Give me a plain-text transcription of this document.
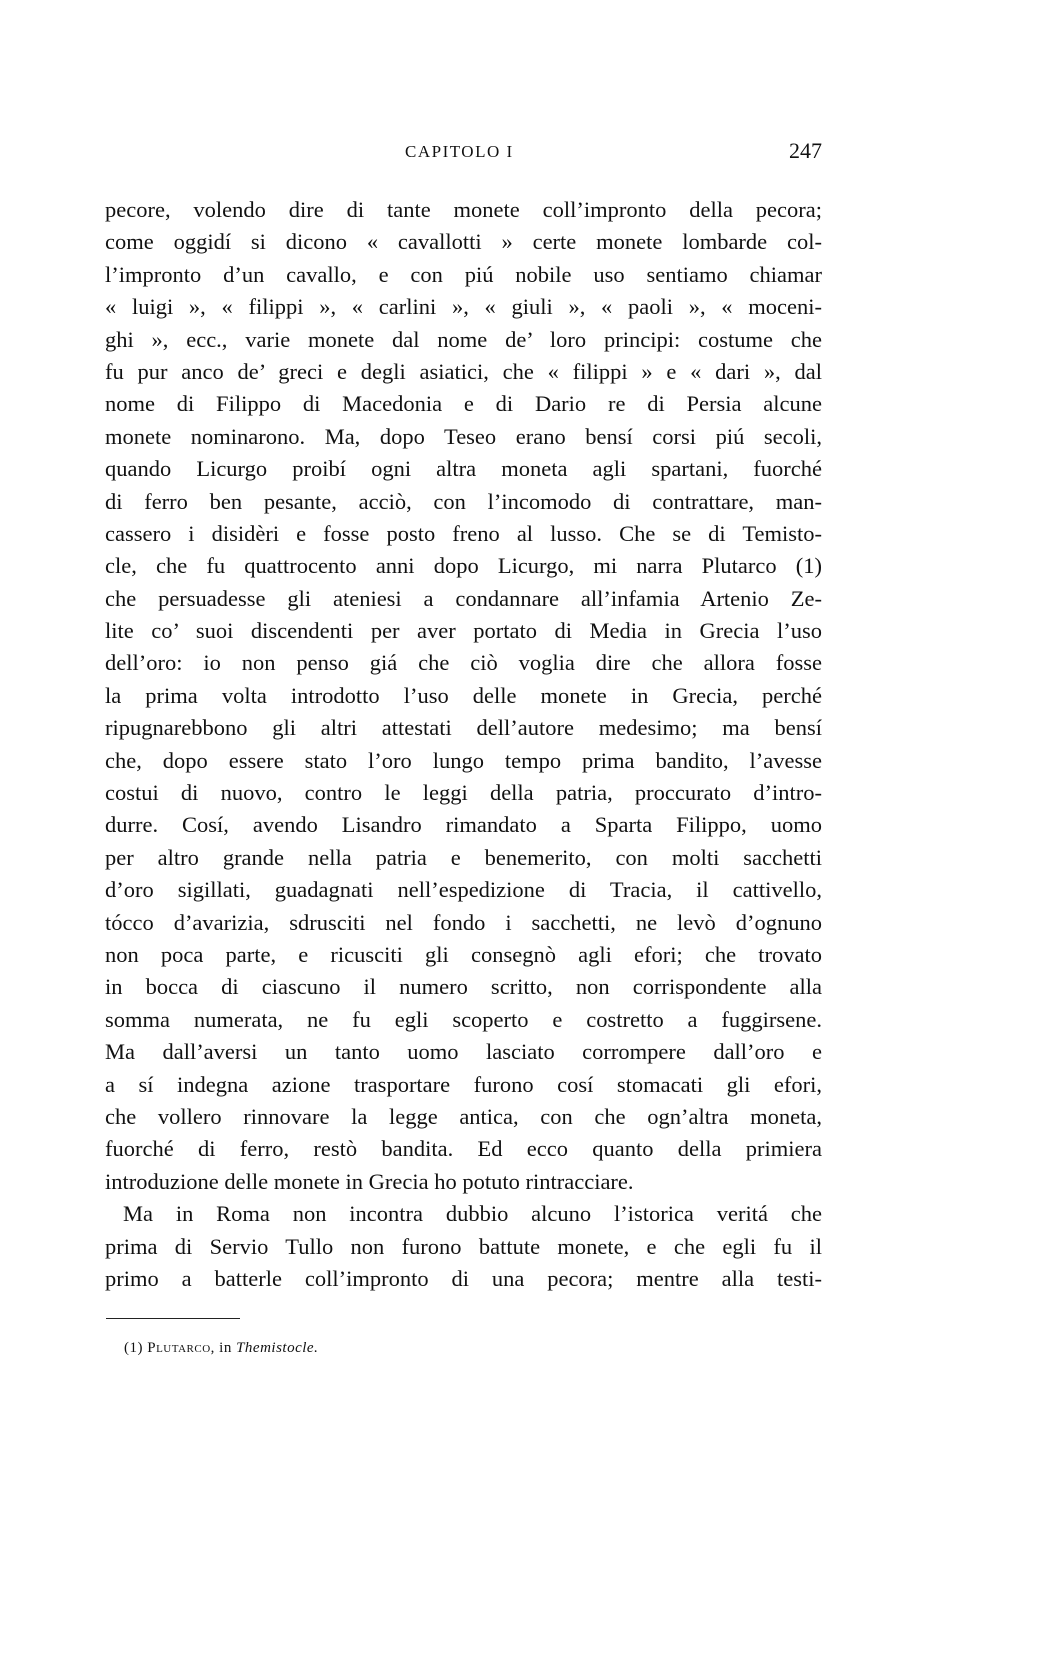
CAPITOLO I	247
pecore, volendo dire di tante monete coll’impronto della pecora;
come oggidí si dicono « cavallotti » certe monete lombarde col-
l’impronto d’un cavallo, e con piú nobile uso sentiamo chiamar
« luigi », « filippi », « carlini », « giuli », « paoli », « moceni-
ghi », ecc., varie monete dal nome de’ loro principi: costume che
fu pur anco de’ greci e degli asiatici, che « filippi » e « dari », dal
nome di Filippo di Macedonia e di Dario re di Persia alcune
monete nominarono. Ma, dopo Teseo erano bensí corsi piú secoli,
quando Licurgo proibí ogni altra moneta agli spartani, fuorché
di ferro ben pesante, acciò, con l’incomodo di contrattare, man-
cassero i disidèri e fosse posto freno al lusso. Che se di Temisto-
cle, che fu quattrocento anni dopo Licurgo, mi narra Plutarco (1)
che persuadesse gli ateniesi a condannare all’infamia Artenio Ze-
lite co’ suoi discendenti per aver portato di Media in Grecia l’uso
dell’oro: io non penso giá che ciò voglia dire che allora fosse
la prima volta introdotto l’uso delle monete in Grecia, perché
ripugnarebbono gli altri attestati dell’autore medesimo; ma bensí
che, dopo essere stato l’oro lungo tempo prima bandito, l’avesse
costui di nuovo, contro le leggi della patria, proccurato d’intro-
durre. Cosí, avendo Lisandro rimandato a Sparta Filippo, uomo
per altro grande nella patria e benemerito, con molti sacchetti
d’oro sigillati, guadagnati nell’espedizione di Tracia, il cattivello,
tócco d’avarizia, sdrusciti nel fondo i sacchetti, ne levò d’ognuno
non poca parte, e ricusciti gli consegnò agli efori; che trovato
in bocca di ciascuno il numero scritto, non corrispondente alla
somma numerata, ne fu egli scoperto e costretto a fuggirsene.
Ma dall’aversi un tanto uomo lasciato corrompere dall’oro e
a sí indegna azione trasportare furono cosí stomacati gli efori,
che vollero rinnovare la legge antica, con che ogn’altra moneta,
fuorché di ferro, restò bandita. Ed ecco quanto della primiera
introduzione delle monete in Grecia ho potuto rintracciare.
Ma in Roma non incontra dubbio alcuno l’istorica veritá che
prima di Servio Tullo non furono battute monete, e che egli fu il
primo a batterle coll’impronto di una pecora; mentre alla testi-
(1) Plutarco, in Themistocle.
